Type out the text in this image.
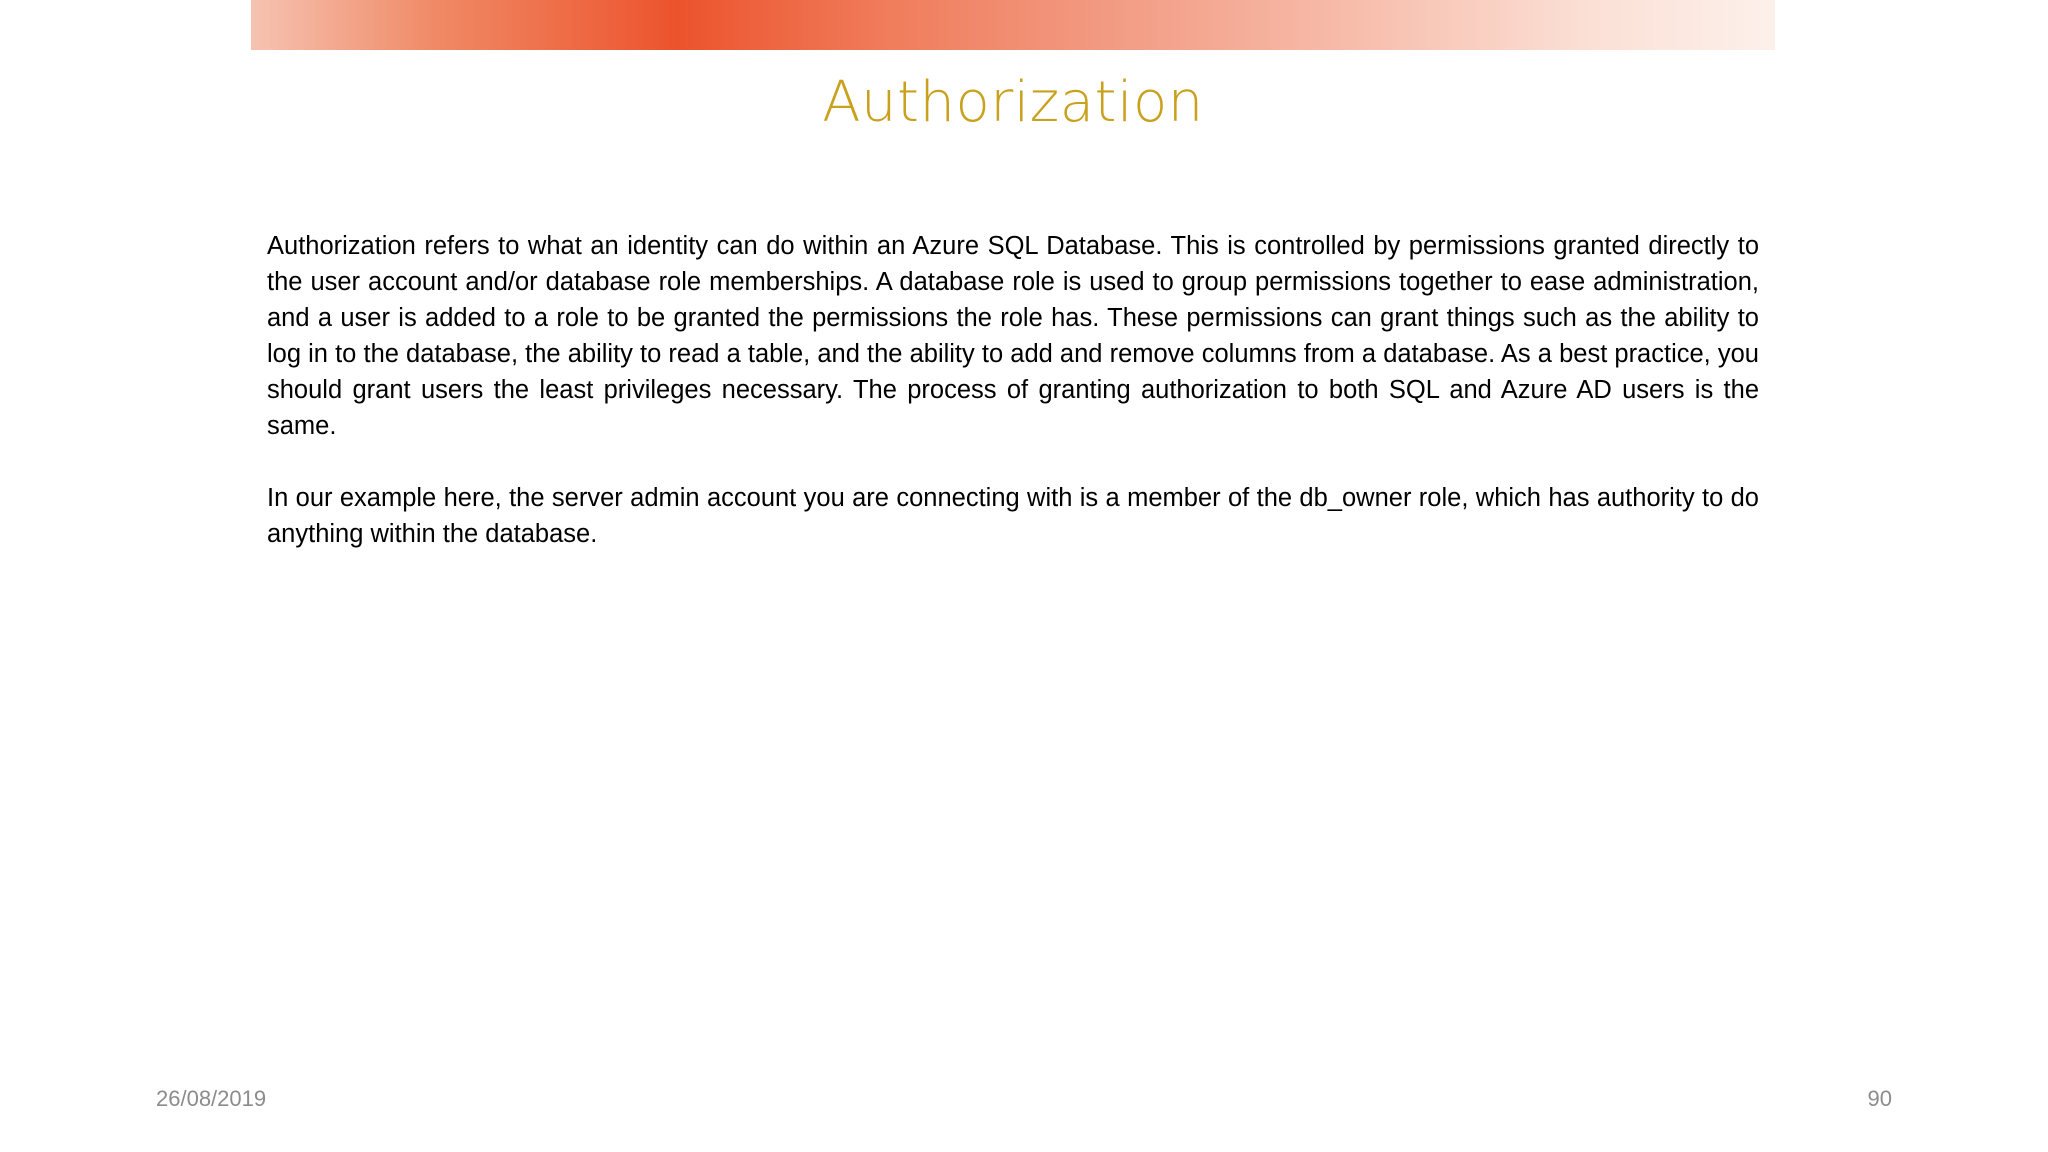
Authorization

Authorization refers to what an identity can do within an Azure SQL Database. This is controlled by permissions granted directly to the user account and/or database role memberships. A database role is used to group permissions together to ease administration, and a user is added to a role to be granted the permissions the role has. These permissions can grant things such as the ability to log in to the database, the ability to read a table, and the ability to add and remove columns from a database. As a best practice, you should grant users the least privileges necessary. The process of granting authorization to both SQL and Azure AD users is the same.

In our example here, the server admin account you are connecting with is a member of the db_owner role, which has authority to do anything within the database.

26/08/2019	90
